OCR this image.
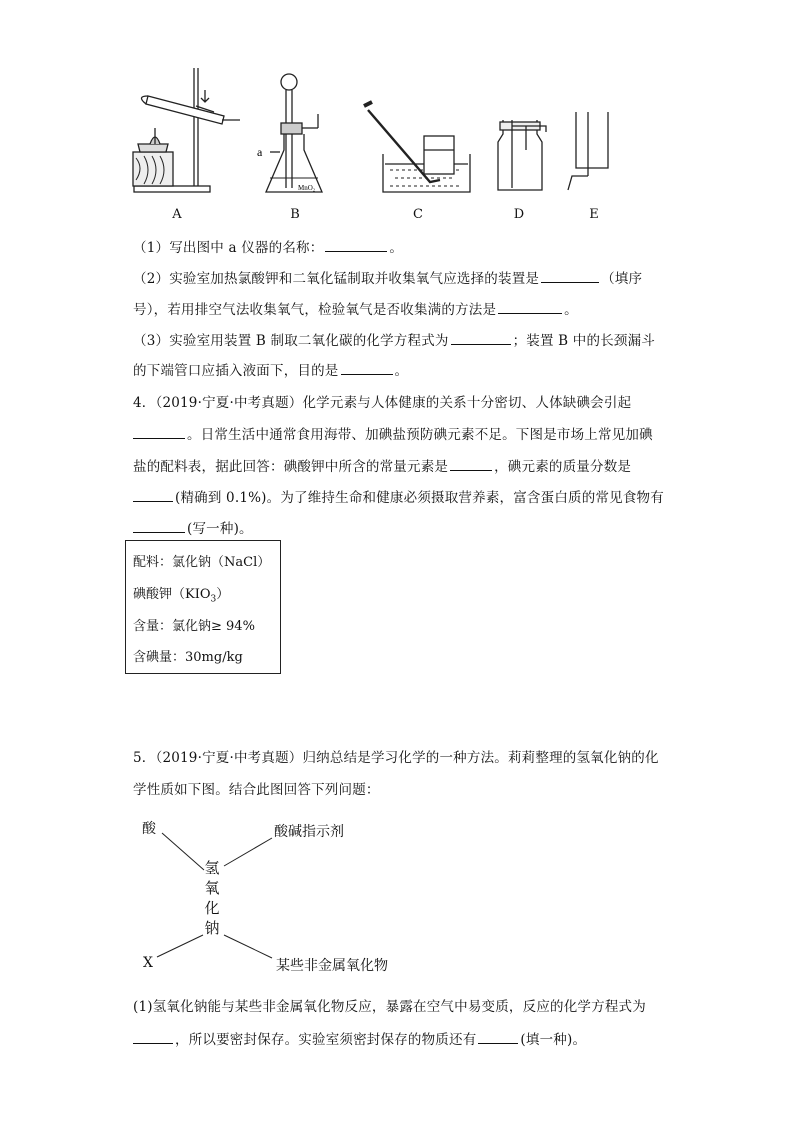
a
MnO₂
A	B	C	D	E
（1）写出图中 a 仪器的名称：	。
（2）实验室加热氯酸钾和二氧化锰制取并收集氧气应选择的装置是	（填序
号），若用排空气法收集氧气，检验氧气是否收集满的方法是	。
（3）实验室用装置 B 制取二氧化碳的化学方程式为	；装置 B 中的长颈漏斗
的下端管口应插入液面下，目的是	。
4．（2019·宁夏·中考真题）化学元素与人体健康的关系十分密切、人体缺碘会引起
。日常生活中通常食用海带、加碘盐预防碘元素不足。下图是市场上常见加碘
盐的配料表，据此回答：碘酸钾中所含的常量元素是	，碘元素的质量分数是
(精确到 0.1%)。为了维持生命和健康必须摄取营养素，富含蛋白质的常见食物有
(写一种)。
配料：氯化钠（NaCl）
碘酸钾$(KIO_3)$
含量：氯化钠≥ 94%
含碘量：30mg/kg
5．（2019·宁夏·中考真题）归纳总结是学习化学的一种方法。莉莉整理的氢氧化钠的化
学性质如下图。结合此图回答下列问题：
酸	酸碱指示剂
氢
氧
化
钠
X	某些非金属氧化物
(1)氢氧化钠能与某些非金属氧化物反应，暴露在空气中易变质，反应的化学方程式为
，所以要密封保存。实验室须密封保存的物质还有	(填一种)。
